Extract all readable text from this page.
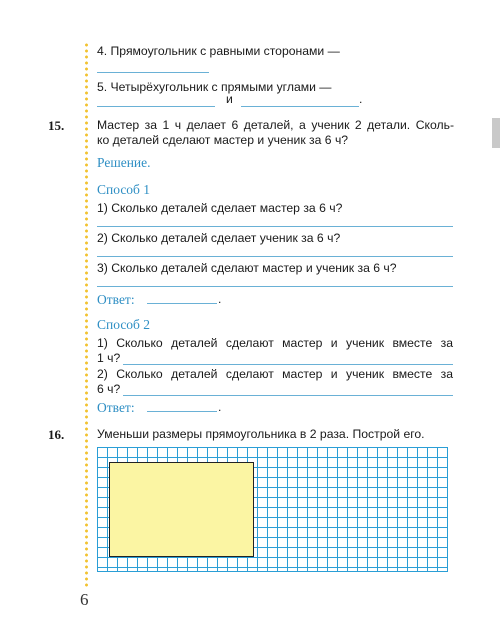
4. Прямоугольник с равными сторонами —
5. Четырёхугольник с прямыми углами —
и	.
15.	Мастер за 1 ч делает 6 деталей, а ученик 2 детали. Сколь-
ко деталей сделают мастер и ученик за 6 ч?
Решение.
Способ 1
1) Сколько деталей сделает мастер за 6 ч?
2) Сколько деталей сделает ученик за 6 ч?
3) Сколько деталей сделают мастер и ученик за 6 ч?
Ответ:	.
Способ 2
1) Сколько деталей сделают мастер и ученик вместе за
1 ч?
2) Сколько деталей сделают мастер и ученик вместе за
6 ч?
Ответ:	.
16.	Уменьши размеры прямоугольника в 2 раза. Построй его.
6
